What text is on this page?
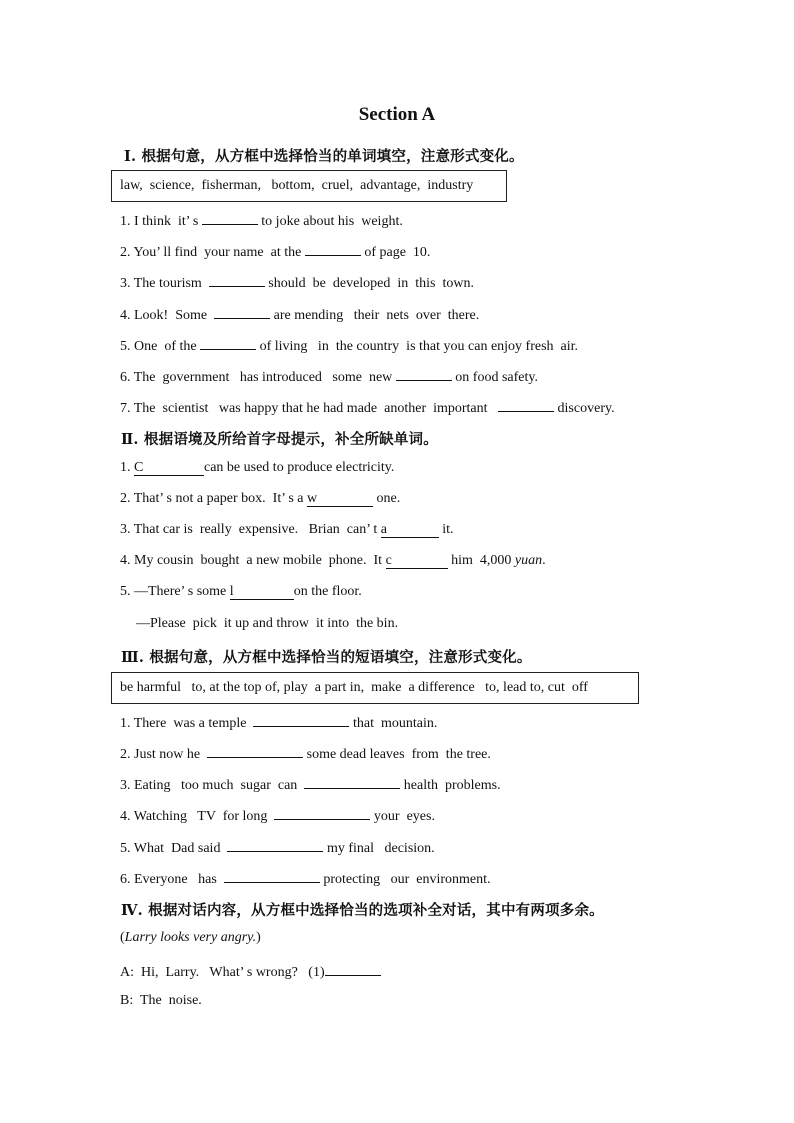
Section A
Ⅰ. 根据句意，从方框中选择恰当的单词填空，注意形式变化。
law,  science,  fisherman,   bottom,  cruel,  advantage,  industry
1. I think  it’ s	to joke about his  weight.
2. You’ ll find  your name  at the	of page  10.
3. The tourism	should  be  developed  in  this  town.
4. Look!  Some	are mending   their  nets  over  there.
5. One  of the	of living   in  the country  is that you can enjoy fresh  air.
6. The  government   has introduced   some  new	on food safety.
7. The  scientist   was happy that he had made  another  important	discovery.
Ⅱ. 根据语境及所给首字母提示，补全所缺单词。
1. C	can be used to produce electricity.
2. That’ s not a paper box.  It’ s a w	one.
3. That car is  really  expensive.   Brian  can’ t a	it.
4. My cousin  bought  a new mobile  phone.  It c	him  4,000 yuan.
5. —There’ s some l	on the floor.
—Please  pick  it up and throw  it into  the bin.
Ⅲ. 根据句意，从方框中选择恰当的短语填空，注意形式变化。
be harmful   to, at the top of, play  a part in,  make  a difference   to, lead to, cut  off
1. There  was a temple	that  mountain.
2. Just now he	some dead leaves  from  the tree.
3. Eating   too much  sugar  can	health  problems.
4. Watching   TV  for long	your  eyes.
5. What  Dad said	my final   decision.
6. Everyone   has	protecting   our  environment.
Ⅳ. 根据对话内容，从方框中选择恰当的选项补全对话，其中有两项多余。
(Larry looks very angry.)
A:  Hi,  Larry.   What’ s wrong?   (1)
B:  The  noise.
